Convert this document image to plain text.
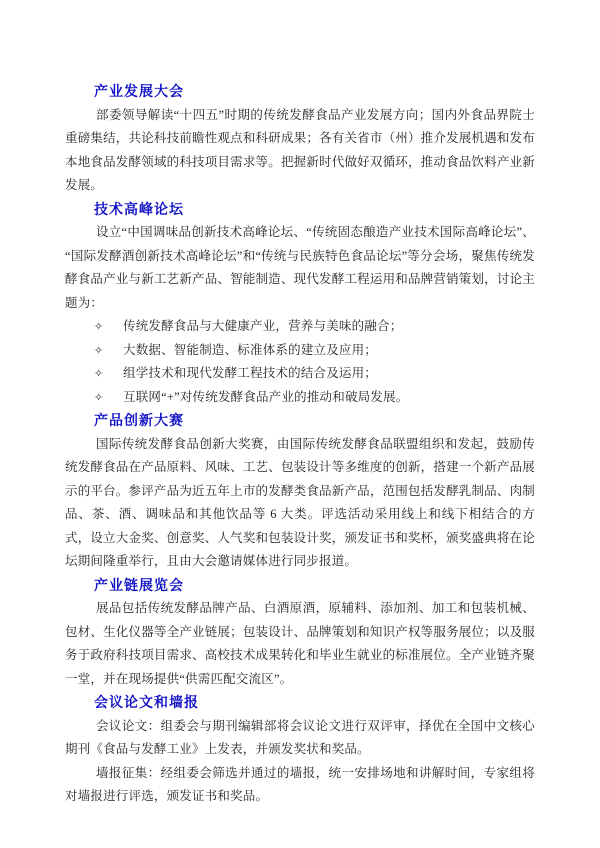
产业发展大会

部委领导解读“十四五”时期的传统发酵食品产业发展方向；国内外食品界院士重磅集结，共论科技前瞻性观点和科研成果；各有关省市（州）推介发展机遇和发布本地食品发酵领域的科技项目需求等。把握新时代做好双循环，推动食品饮料产业新发展。

技术高峰论坛

设立“中国调味品创新技术高峰论坛、“传统固态酿造产业技术国际高峰论坛”、“国际发酵酒创新技术高峰论坛”和“传统与民族特色食品论坛”等分会场，聚焦传统发酵食品产业与新工艺新产品、智能制造、现代发酵工程运用和品牌营销策划，讨论主题为：

✧	传统发酵食品与大健康产业，营养与美味的融合；
✧	大数据、智能制造、标准体系的建立及应用；
✧	组学技术和现代发酵工程技术的结合及运用；
✧	互联网“+”对传统发酵食品产业的推动和破局发展。
产品创新大赛

国际传统发酵食品创新大奖赛，由国际传统发酵食品联盟组织和发起，鼓励传统发酵食品在产品原料、风味、工艺、包装设计等多维度的创新，搭建一个新产品展示的平台。参评产品为近五年上市的发酵类食品新产品，范围包括发酵乳制品、肉制品、茶、酒、调味品和其他饮品等 6 大类。评选活动采用线上和线下相结合的方式，设立大金奖、创意奖、人气奖和包装设计奖，颁发证书和奖杯，颁奖盛典将在论坛期间隆重举行，且由大会邀请媒体进行同步报道。

产业链展览会

展品包括传统发酵品牌产品、白酒原酒，原辅料、添加剂、加工和包装机械、包材、生化仪器等全产业链展；包装设计、品牌策划和知识产权等服务展位；以及服务于政府科技项目需求、高校技术成果转化和毕业生就业的标准展位。全产业链齐聚一堂，并在现场提供“供需匹配交流区”。

会议论文和墙报

会议论文：组委会与期刊编辑部将会议论文进行双评审，择优在全国中文核心期刊《食品与发酵工业》上发表，并颁发奖状和奖品。

墙报征集：经组委会筛选并通过的墙报，统一安排场地和讲解时间，专家组将对墙报进行评选，颁发证书和奖品。
